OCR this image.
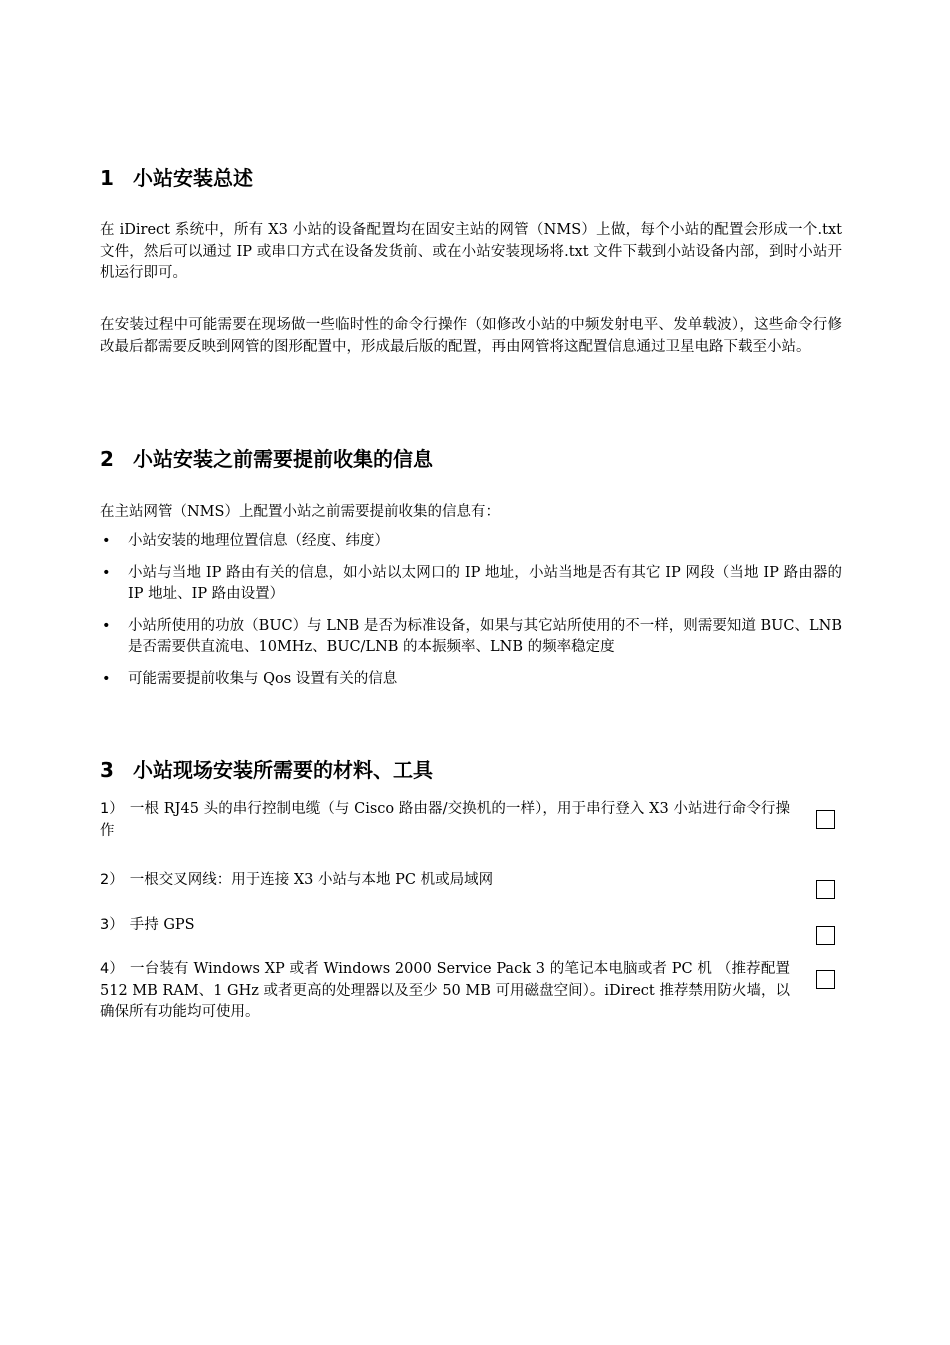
1 小站安装总述
在 iDirect 系统中，所有 X3 小站的设备配置均在固安主站的网管（NMS）上做，每个小站的配置会形成一个.txt 文件，然后可以通过 IP 或串口方式在设备发货前、或在小站安装现场将.txt 文件下载到小站设备内部，到时小站开机运行即可。
在安装过程中可能需要在现场做一些临时性的命令行操作（如修改小站的中频发射电平、发单载波），这些命令行修改最后都需要反映到网管的图形配置中，形成最后版的配置，再由网管将这配置信息通过卫星电路下载至小站。
2 小站安装之前需要提前收集的信息
在主站网管（NMS）上配置小站之前需要提前收集的信息有：
• 小站安装的地理位置信息（经度、纬度）
• 小站与当地 IP 路由有关的信息，如小站以太网口的 IP 地址，小站当地是否有其它 IP 网段（当地 IP 路由器的 IP 地址、IP 路由设置）
• 小站所使用的功放（BUC）与 LNB 是否为标准设备，如果与其它站所使用的不一样，则需要知道 BUC、LNB 是否需要供直流电、10MHz、BUC/LNB 的本振频率、LNB 的频率稳定度
• 可能需要提前收集与 Qos 设置有关的信息
3 小站现场安装所需要的材料、工具
1） 一根 RJ45 头的串行控制电缆（与 Cisco 路由器/交换机的一样），用于串行登入 X3 小站进行命令行操作
2） 一根交叉网线：用于连接 X3 小站与本地 PC 机或局域网
3） 手持 GPS
4） 一台装有 Windows XP 或者 Windows 2000 Service Pack 3 的笔记本电脑或者 PC 机 （推荐配置 512 MB RAM、1 GHz 或者更高的处理器以及至少 50 MB 可用磁盘空间）。iDirect 推荐禁用防火墙，以确保所有功能均可使用。
